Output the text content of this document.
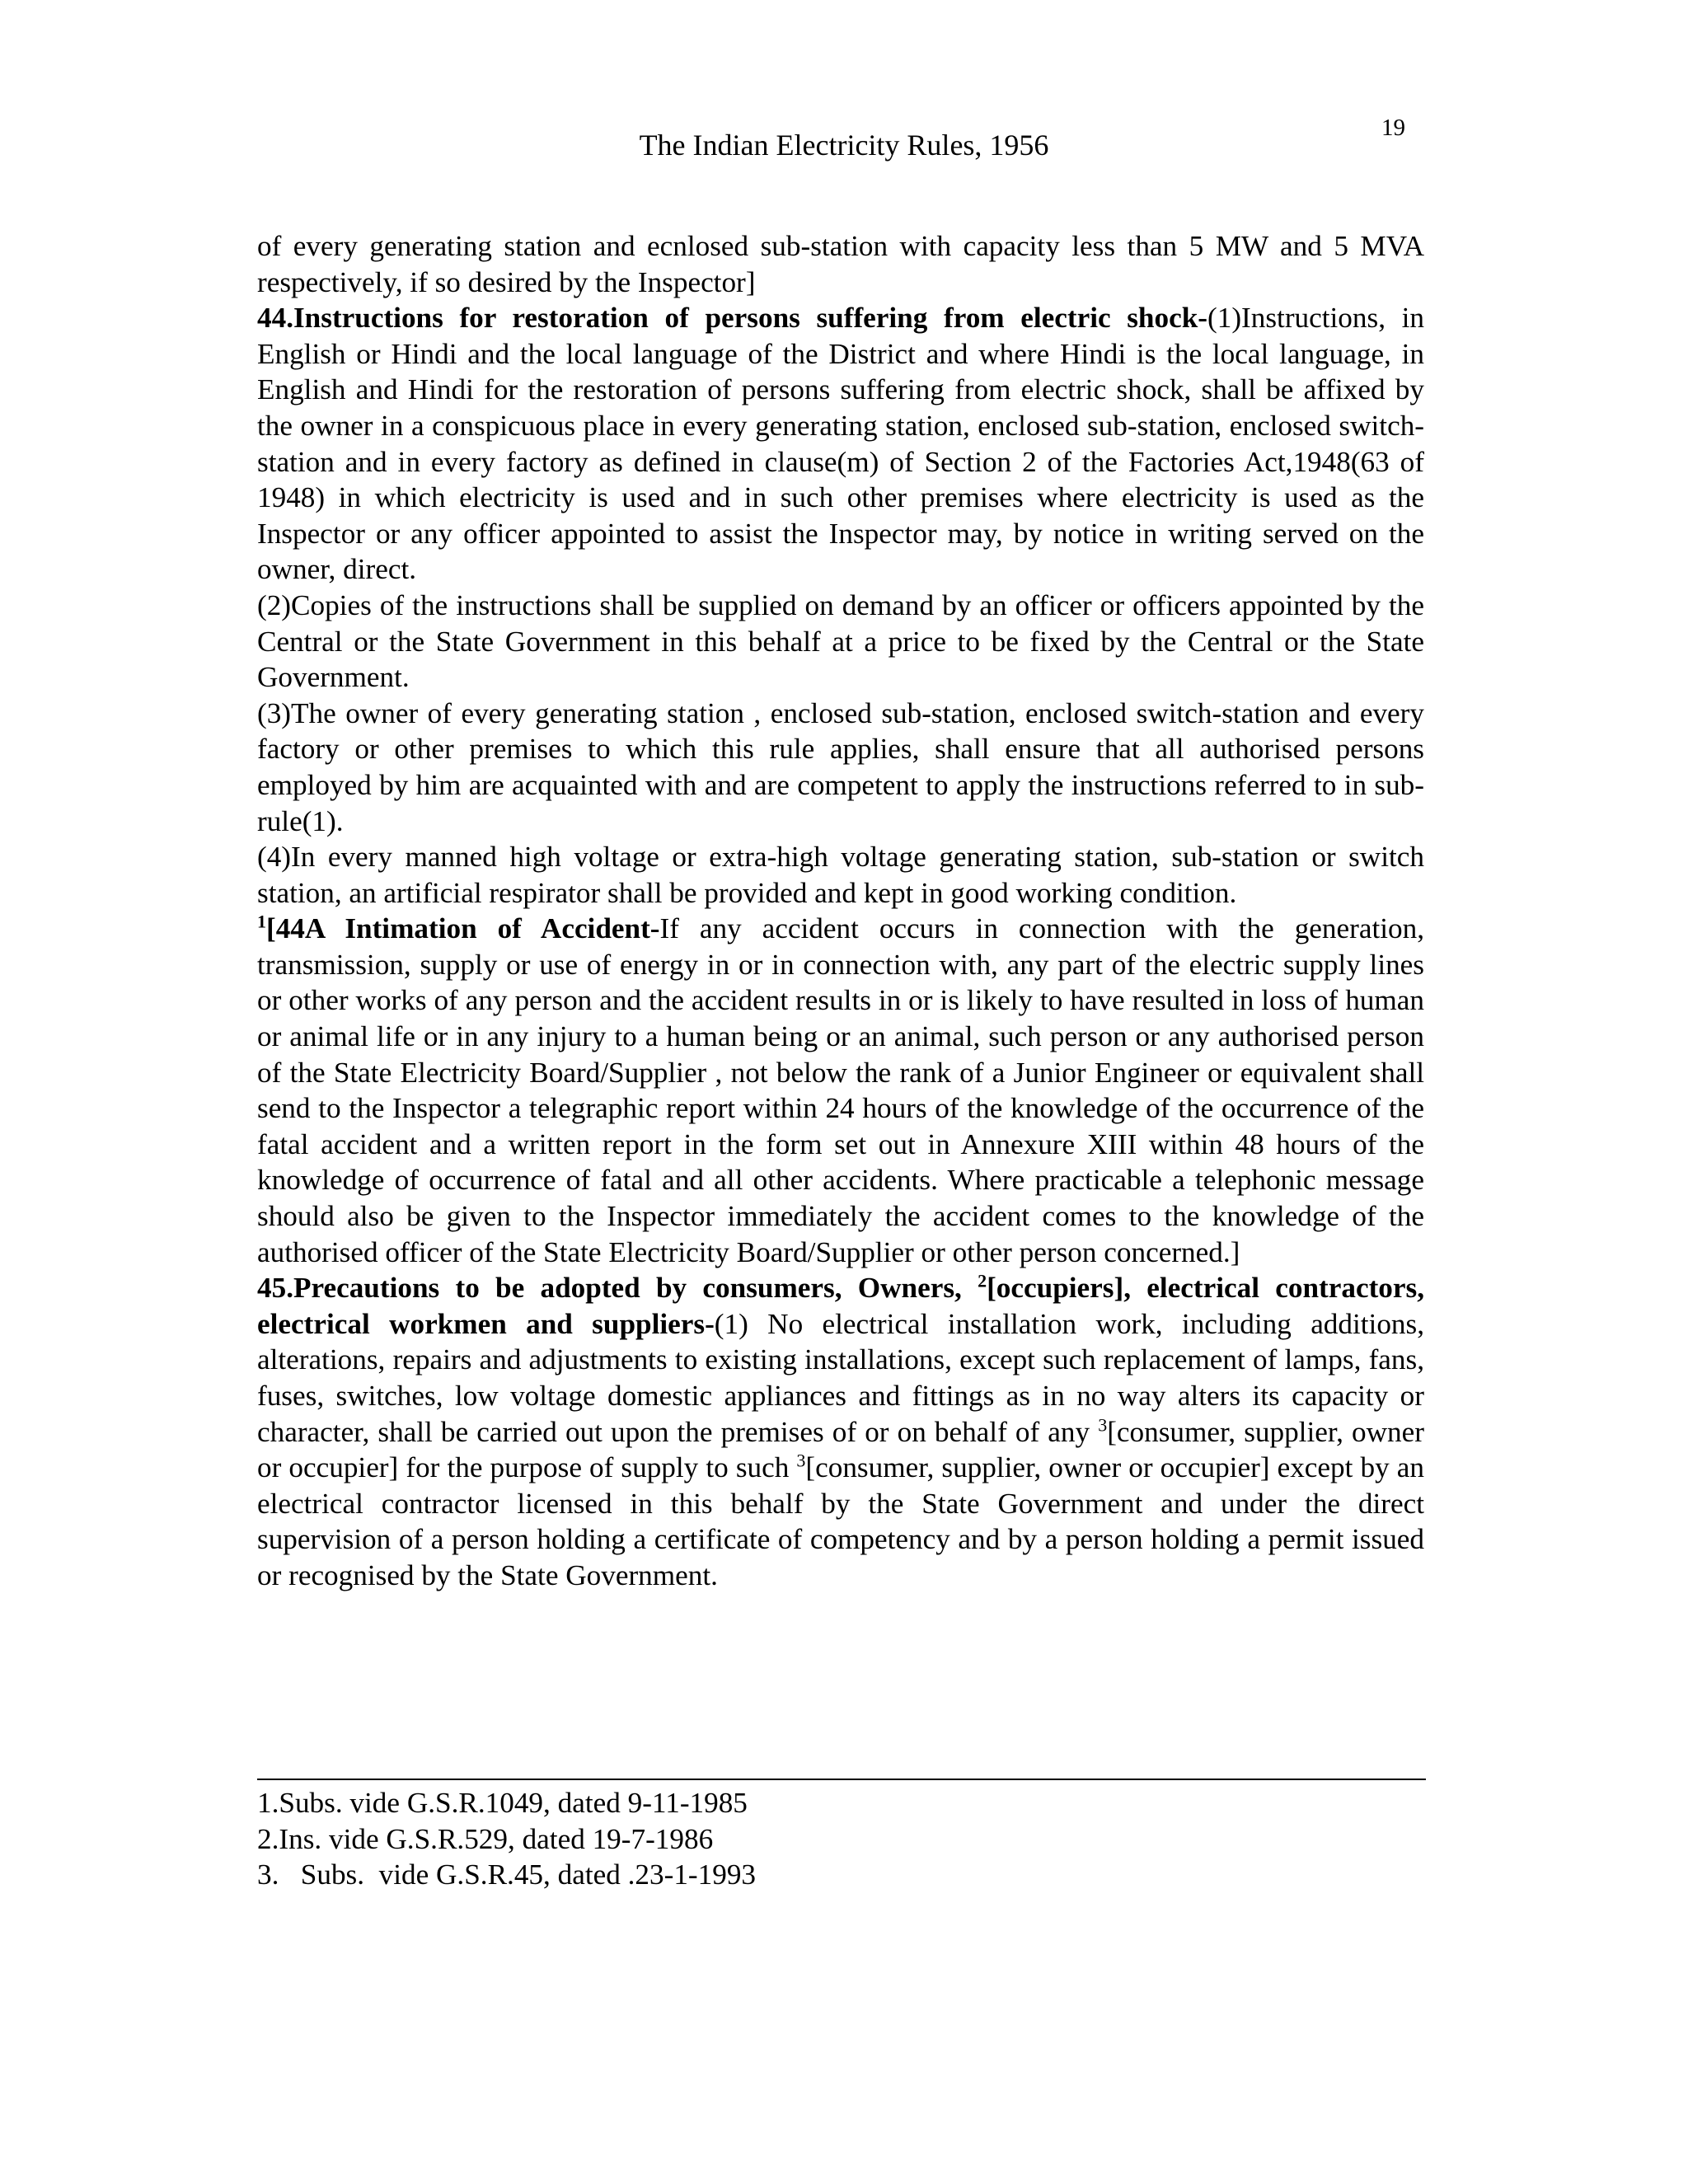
19
The Indian Electricity Rules, 1956

of every generating station and ecnlosed sub-station with capacity less than 5 MW and 5 MVA respectively, if so desired by the Inspector]

44.Instructions for restoration of persons suffering from electric shock-(1)Instructions, in English or Hindi and the local language of the District and where Hindi is the local language, in English and Hindi for the restoration of persons suffering from electric shock, shall be affixed by the owner in a conspicuous place in every generating station, enclosed sub-station, enclosed switch-station and in every factory as defined in clause(m) of Section 2 of the Factories Act,1948(63 of 1948) in which electricity is used and in such other premises where electricity is used as the Inspector or any officer appointed to assist the Inspector may, by notice in writing served on the owner, direct.

(2)Copies of the instructions shall be supplied on demand by an officer or officers appointed by the Central or the State Government in this behalf at a price to be fixed by the Central or the State Government.

(3)The owner of every generating station , enclosed sub-station, enclosed switch-station and every factory or other premises to which this rule applies, shall ensure that all authorised persons employed by him are acquainted with and are competent to apply the instructions referred to in sub-rule(1).

(4)In every manned high voltage or extra-high voltage generating station, sub-station or switch station, an artificial respirator shall be provided and kept in good working condition.

$^1$[44A Intimation of Accident-If any accident occurs in connection with the generation, transmission, supply or use of energy in or in connection with, any part of the electric supply lines or other works of any person and the accident results in or is likely to have resulted in loss of human or animal life or in any injury to a human being or an animal, such person or any authorised person of the State Electricity Board/Supplier , not below the rank of a Junior Engineer or equivalent shall send to the Inspector a telegraphic report within 24 hours of the knowledge of the occurrence of the fatal accident and a written report in the form set out in Annexure XIII within 48 hours of the knowledge of occurrence of fatal and all other accidents. Where practicable a telephonic message should also be given to the Inspector immediately the accident comes to the knowledge of the authorised officer of the State Electricity Board/Supplier or other person concerned.]

45.Precautions to be adopted by consumers, Owners, $^2$[occupiers], electrical contractors, electrical workmen and suppliers-(1) No electrical installation work, including additions, alterations, repairs and adjustments to existing installations, except such replacement of lamps, fans, fuses, switches, low voltage domestic appliances and fittings as in no way alters its capacity or character, shall be carried out upon the premises of or on behalf of any $^3$[consumer, supplier, owner or occupier] for the purpose of supply to such $^3$[consumer, supplier, owner or occupier] except by an electrical contractor licensed in this behalf by the State Government and under the direct supervision of a person holding a certificate of competency and by a person holding a permit issued or recognised by the State Government.

1.Subs. vide G.S.R.1049, dated 9-11-1985
2.Ins. vide G.S.R.529, dated 19-7-1986
3.   Subs.  vide G.S.R.45, dated .23-1-1993
